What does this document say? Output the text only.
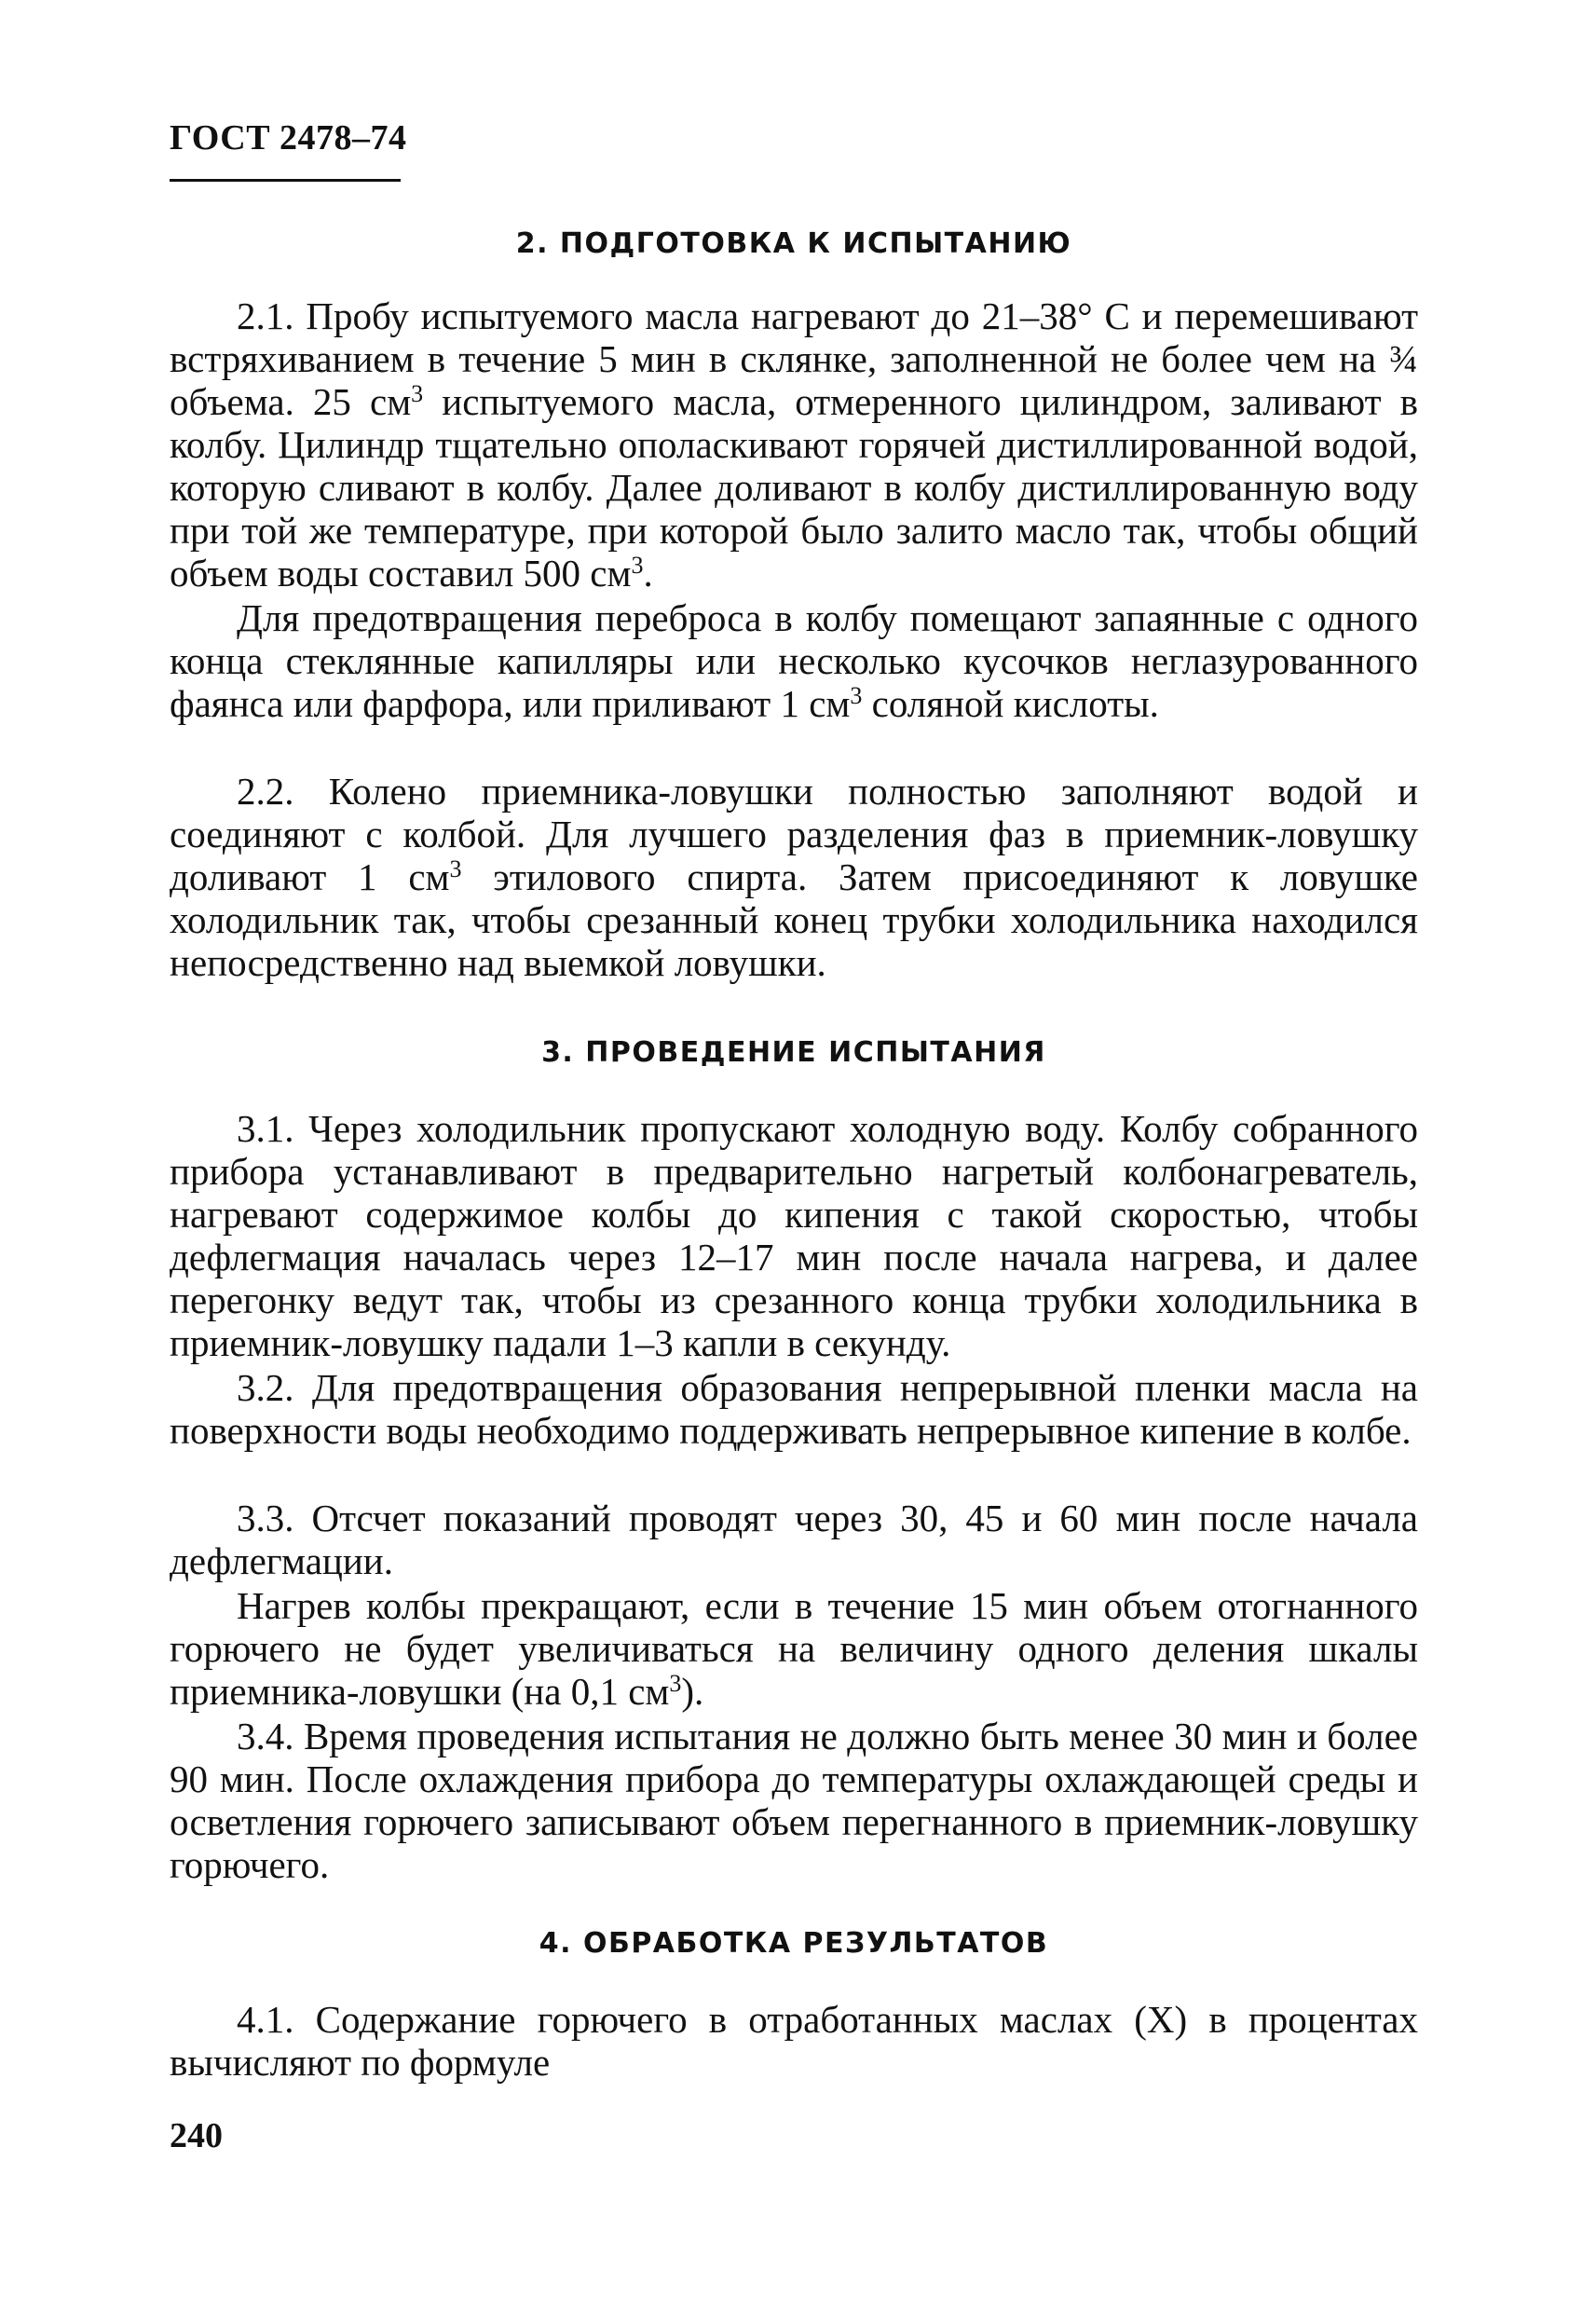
ГОСТ 2478–74
2. ПОДГОТОВКА К ИСПЫТАНИЮ
2.1. Пробу испытуемого масла нагревают до 21–38° С и перемешивают встряхиванием в течение 5 мин в склянке, заполненной не более чем на ¾ объема. 25 $см^3$ испытуемого масла, отмеренного цилиндром, заливают в колбу. Цилиндр тщательно ополаскивают горячей дистиллированной водой, которую сливают в колбу. Далее доливают в колбу дистиллированную воду при той же температуре, при которой было залито масло так, чтобы общий объем воды составил 500 $см^3$.
Для предотвращения переброса в колбу помещают запаянные с одного конца стеклянные капилляры или несколько кусочков неглазурованного фаянса или фарфора, или приливают 1 $см^3$ соляной кислоты.
2.2. Колено приемника-ловушки полностью заполняют водой и соединяют с колбой. Для лучшего разделения фаз в приемник-ловушку доливают 1 $см^3$ этилового спирта. Затем присоединяют к ловушке холодильник так, чтобы срезанный конец трубки холодильника находился непосредственно над выемкой ловушки.
3. ПРОВЕДЕНИЕ ИСПЫТАНИЯ
3.1. Через холодильник пропускают холодную воду. Колбу собранного прибора устанавливают в предварительно нагретый колбонагреватель, нагревают содержимое колбы до кипения с такой скоростью, чтобы дефлегмация началась через 12–17 мин после начала нагрева, и далее перегонку ведут так, чтобы из срезанного конца трубки холодильника в приемник-ловушку падали 1–3 капли в секунду.
3.2. Для предотвращения образования непрерывной пленки масла на поверхности воды необходимо поддерживать непрерывное кипение в колбе.
3.3. Отсчет показаний проводят через 30, 45 и 60 мин после начала дефлегмации.
Нагрев колбы прекращают, если в течение 15 мин объем отогнанного горючего не будет увеличиваться на величину одного деления шкалы приемника-ловушки (на 0,1 $см^3$).
3.4. Время проведения испытания не должно быть менее 30 мин и более 90 мин. После охлаждения прибора до температуры охлаждающей среды и осветления горючего записывают объем перегнанного в приемник-ловушку горючего.
4. ОБРАБОТКА РЕЗУЛЬТАТОВ
4.1. Содержание горючего в отработанных маслах (X) в процентах вычисляют по формуле
240
